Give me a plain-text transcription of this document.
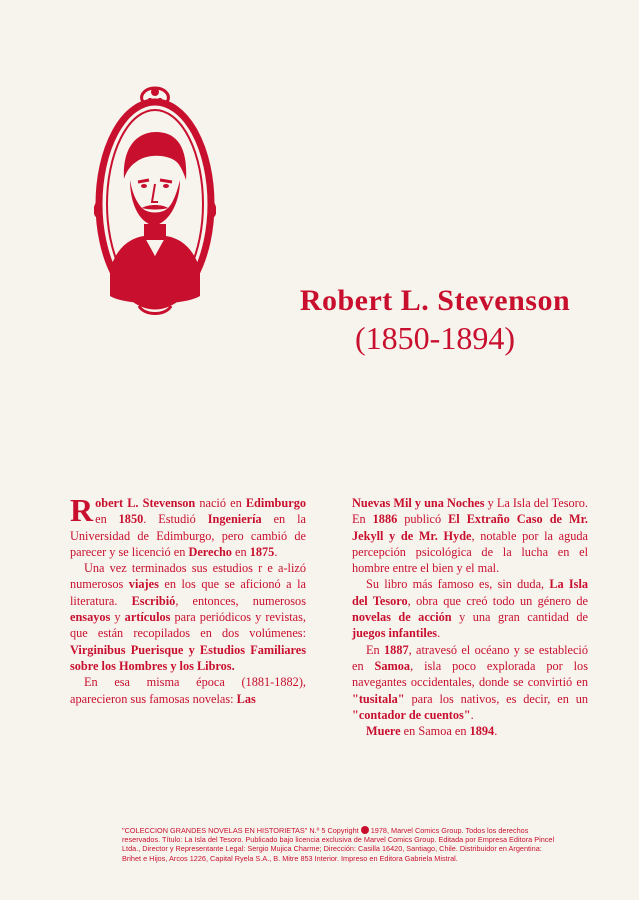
Robert L. Stevenson
(1850-1894)

Robert L. Stevenson nació en Edimburgo en 1850. Estudió Ingeniería en la Universidad de Edimburgo, pero cambió de parecer y se licenció en Derecho en 1875.

Una vez terminados sus estudios r e a-lizó numerosos viajes en los que se aficionó a la literatura. Escribió, entonces, numerosos ensayos y artículos para periódicos y revistas, que están recopilados en dos volúmenes: Virginibus Puerisque y Estudios Familiares sobre los Hombres y los Libros.

En esa misma época (1881-1882), aparecieron sus famosas novelas: Las

Nuevas Mil y una Noches y La Isla del Tesoro. En 1886 publicó El Extraño Caso de Mr. Jekyll y de Mr. Hyde, notable por la aguda percepción psicológica de la lucha en el hombre entre el bien y el mal.

Su libro más famoso es, sin duda, La Isla del Tesoro, obra que creó todo un género de novelas de acción y una gran cantidad de juegos infantiles.

En 1887, atravesó el océano y se estableció en Samoa, isla poco explorada por los navegantes occidentales, donde se convirtió en "tusitala" para los nativos, es decir, en un "contador de cuentos".

Muere en Samoa en 1894.

"COLECCION GRANDES NOVELAS EN HISTORIETAS" N.º 5 Copyright  1978, Marvel Comics Group. Todos los derechos reservados. Título: La Isla del Tesoro. Publicado bajo licencia exclusiva de Marvel Comics Group. Editada por Empresa Editora Pincel Ltda., Director y Representante Legal: Sergio Mujica Charme; Dirección: Casilla 16420, Santiago, Chile. Distribuidor en Argentina: Brihet e Hijos, Arcos 1226, Capital Ryela S.A., B. Mitre 853 Interior. Impreso en Editora Gabriela Mistral.
